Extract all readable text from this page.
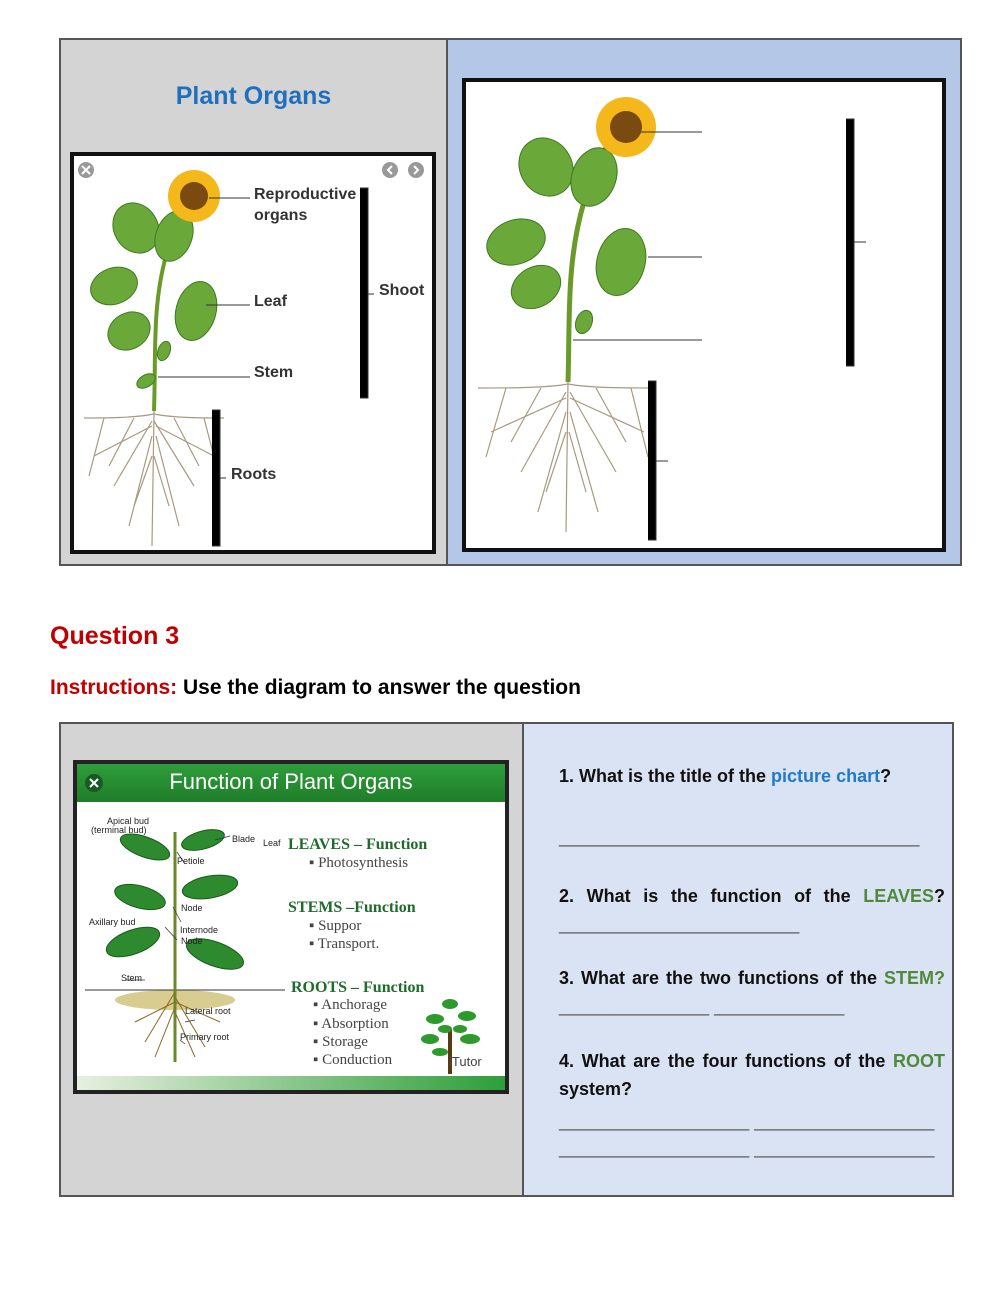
Plant Organs
Reproductive
organs
Leaf
Stem
Shoot
Roots
Question 3
Instructions: Use the diagram to answer the question
Function of Plant Organs
Apical bud
(terminal bud)
Blade Leaf
Petiole
Node
Axillary bud
Internode
Node
Stem
Lateral root
Primary root
LEAVES – Function
▪ Photosynthesis
STEMS –Function
▪ Suppor
▪ Transport.
ROOTS – Function
▪ Anchorage
▪ Absorption
▪ Storage
▪ Conduction	iTutor
1. What is the title of the picture chart?
____________________________________
2. What is the function of the LEAVES? ________________________
3. What are the two functions of the STEM? _______________ _____________
4. What are the four functions of the ROOT system?
___________________ __________________
___________________ __________________
